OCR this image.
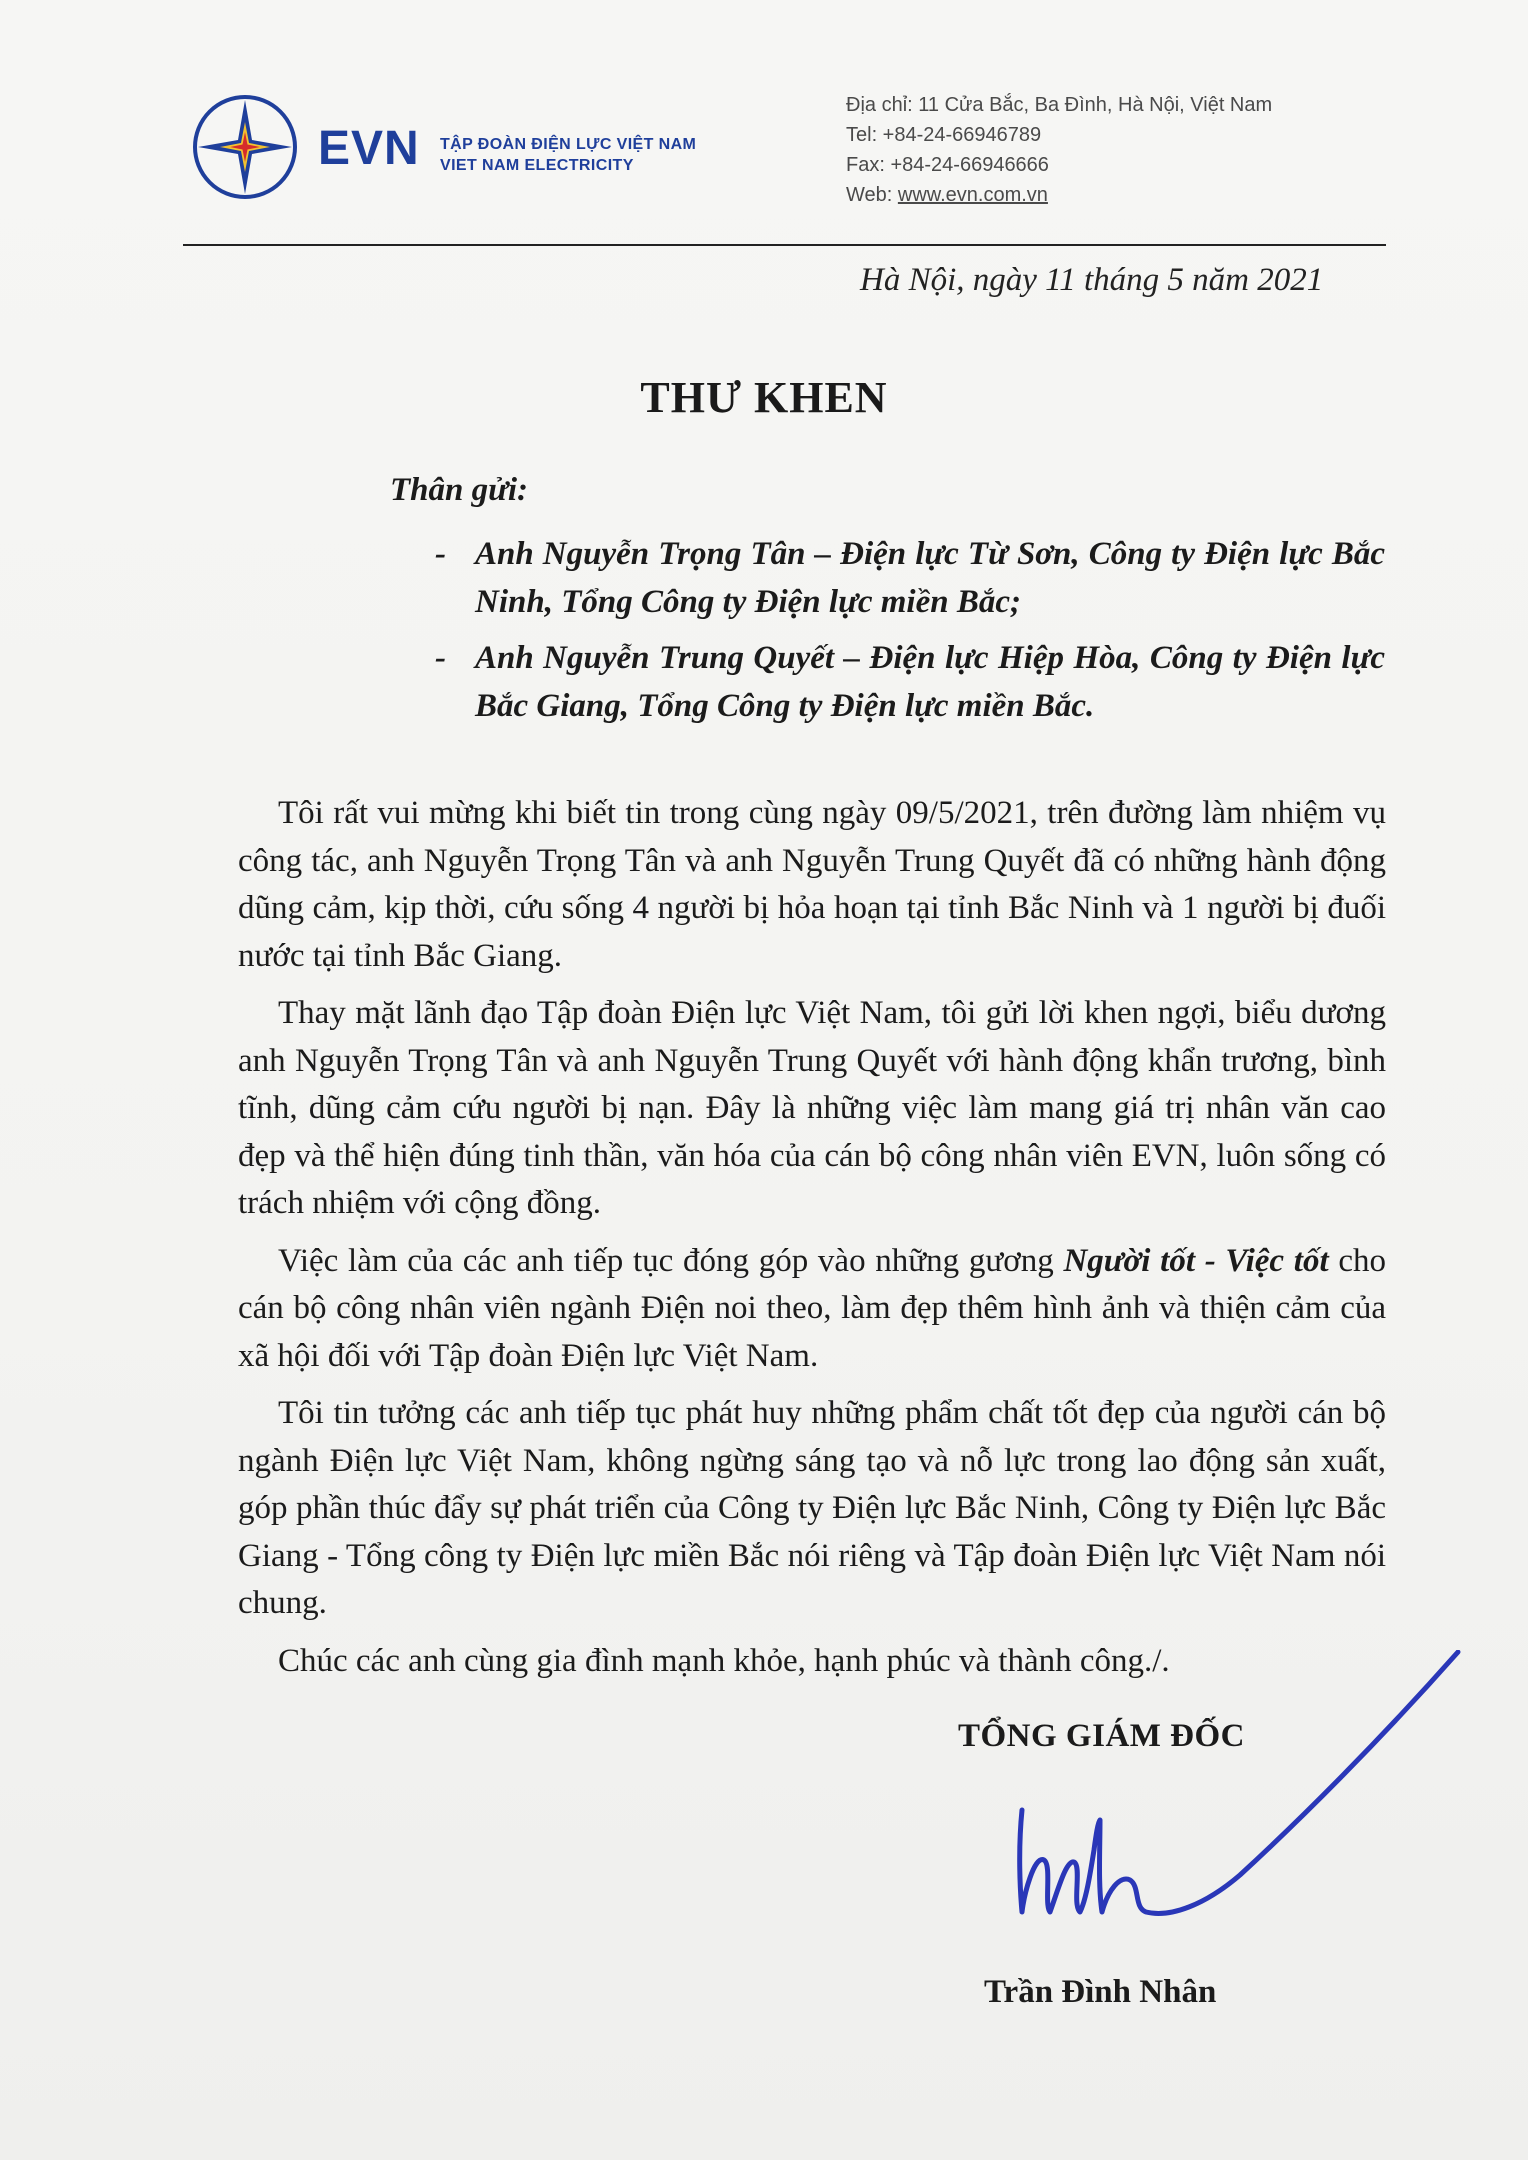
EVN TẬP ĐOÀN ĐIỆN LỰC VIỆT NAM
VIET NAM ELECTRICITY
Địa chỉ: 11 Cửa Bắc, Ba Đình, Hà Nội, Việt Nam
Tel: +84-24-66946789
Fax: +84-24-66946666
Web: www.evn.com.vn
Hà Nội, ngày 11 tháng 5 năm 2021
THƯ KHEN
Thân gửi:
- Anh Nguyễn Trọng Tân – Điện lực Từ Sơn, Công ty Điện lực Bắc Ninh, Tổng Công ty Điện lực miền Bắc;
- Anh Nguyễn Trung Quyết – Điện lực Hiệp Hòa, Công ty Điện lực Bắc Giang, Tổng Công ty Điện lực miền Bắc.

Tôi rất vui mừng khi biết tin trong cùng ngày 09/5/2021, trên đường làm nhiệm vụ công tác, anh Nguyễn Trọng Tân và anh Nguyễn Trung Quyết đã có những hành động dũng cảm, kịp thời, cứu sống 4 người bị hỏa hoạn tại tỉnh Bắc Ninh và 1 người bị đuối nước tại tỉnh Bắc Giang.

Thay mặt lãnh đạo Tập đoàn Điện lực Việt Nam, tôi gửi lời khen ngợi, biểu dương anh Nguyễn Trọng Tân và anh Nguyễn Trung Quyết với hành động khẩn trương, bình tĩnh, dũng cảm cứu người bị nạn. Đây là những việc làm mang giá trị nhân văn cao đẹp và thể hiện đúng tinh thần, văn hóa của cán bộ công nhân viên EVN, luôn sống có trách nhiệm với cộng đồng.

Việc làm của các anh tiếp tục đóng góp vào những gương Người tốt - Việc tốt cho cán bộ công nhân viên ngành Điện noi theo, làm đẹp thêm hình ảnh và thiện cảm của xã hội đối với Tập đoàn Điện lực Việt Nam.

Tôi tin tưởng các anh tiếp tục phát huy những phẩm chất tốt đẹp của người cán bộ ngành Điện lực Việt Nam, không ngừng sáng tạo và nỗ lực trong lao động sản xuất, góp phần thúc đẩy sự phát triển của Công ty Điện lực Bắc Ninh, Công ty Điện lực Bắc Giang - Tổng công ty Điện lực miền Bắc nói riêng và Tập đoàn Điện lực Việt Nam nói chung.

Chúc các anh cùng gia đình mạnh khỏe, hạnh phúc và thành công./.

TỔNG GIÁM ĐỐC
Trần Đình Nhân
